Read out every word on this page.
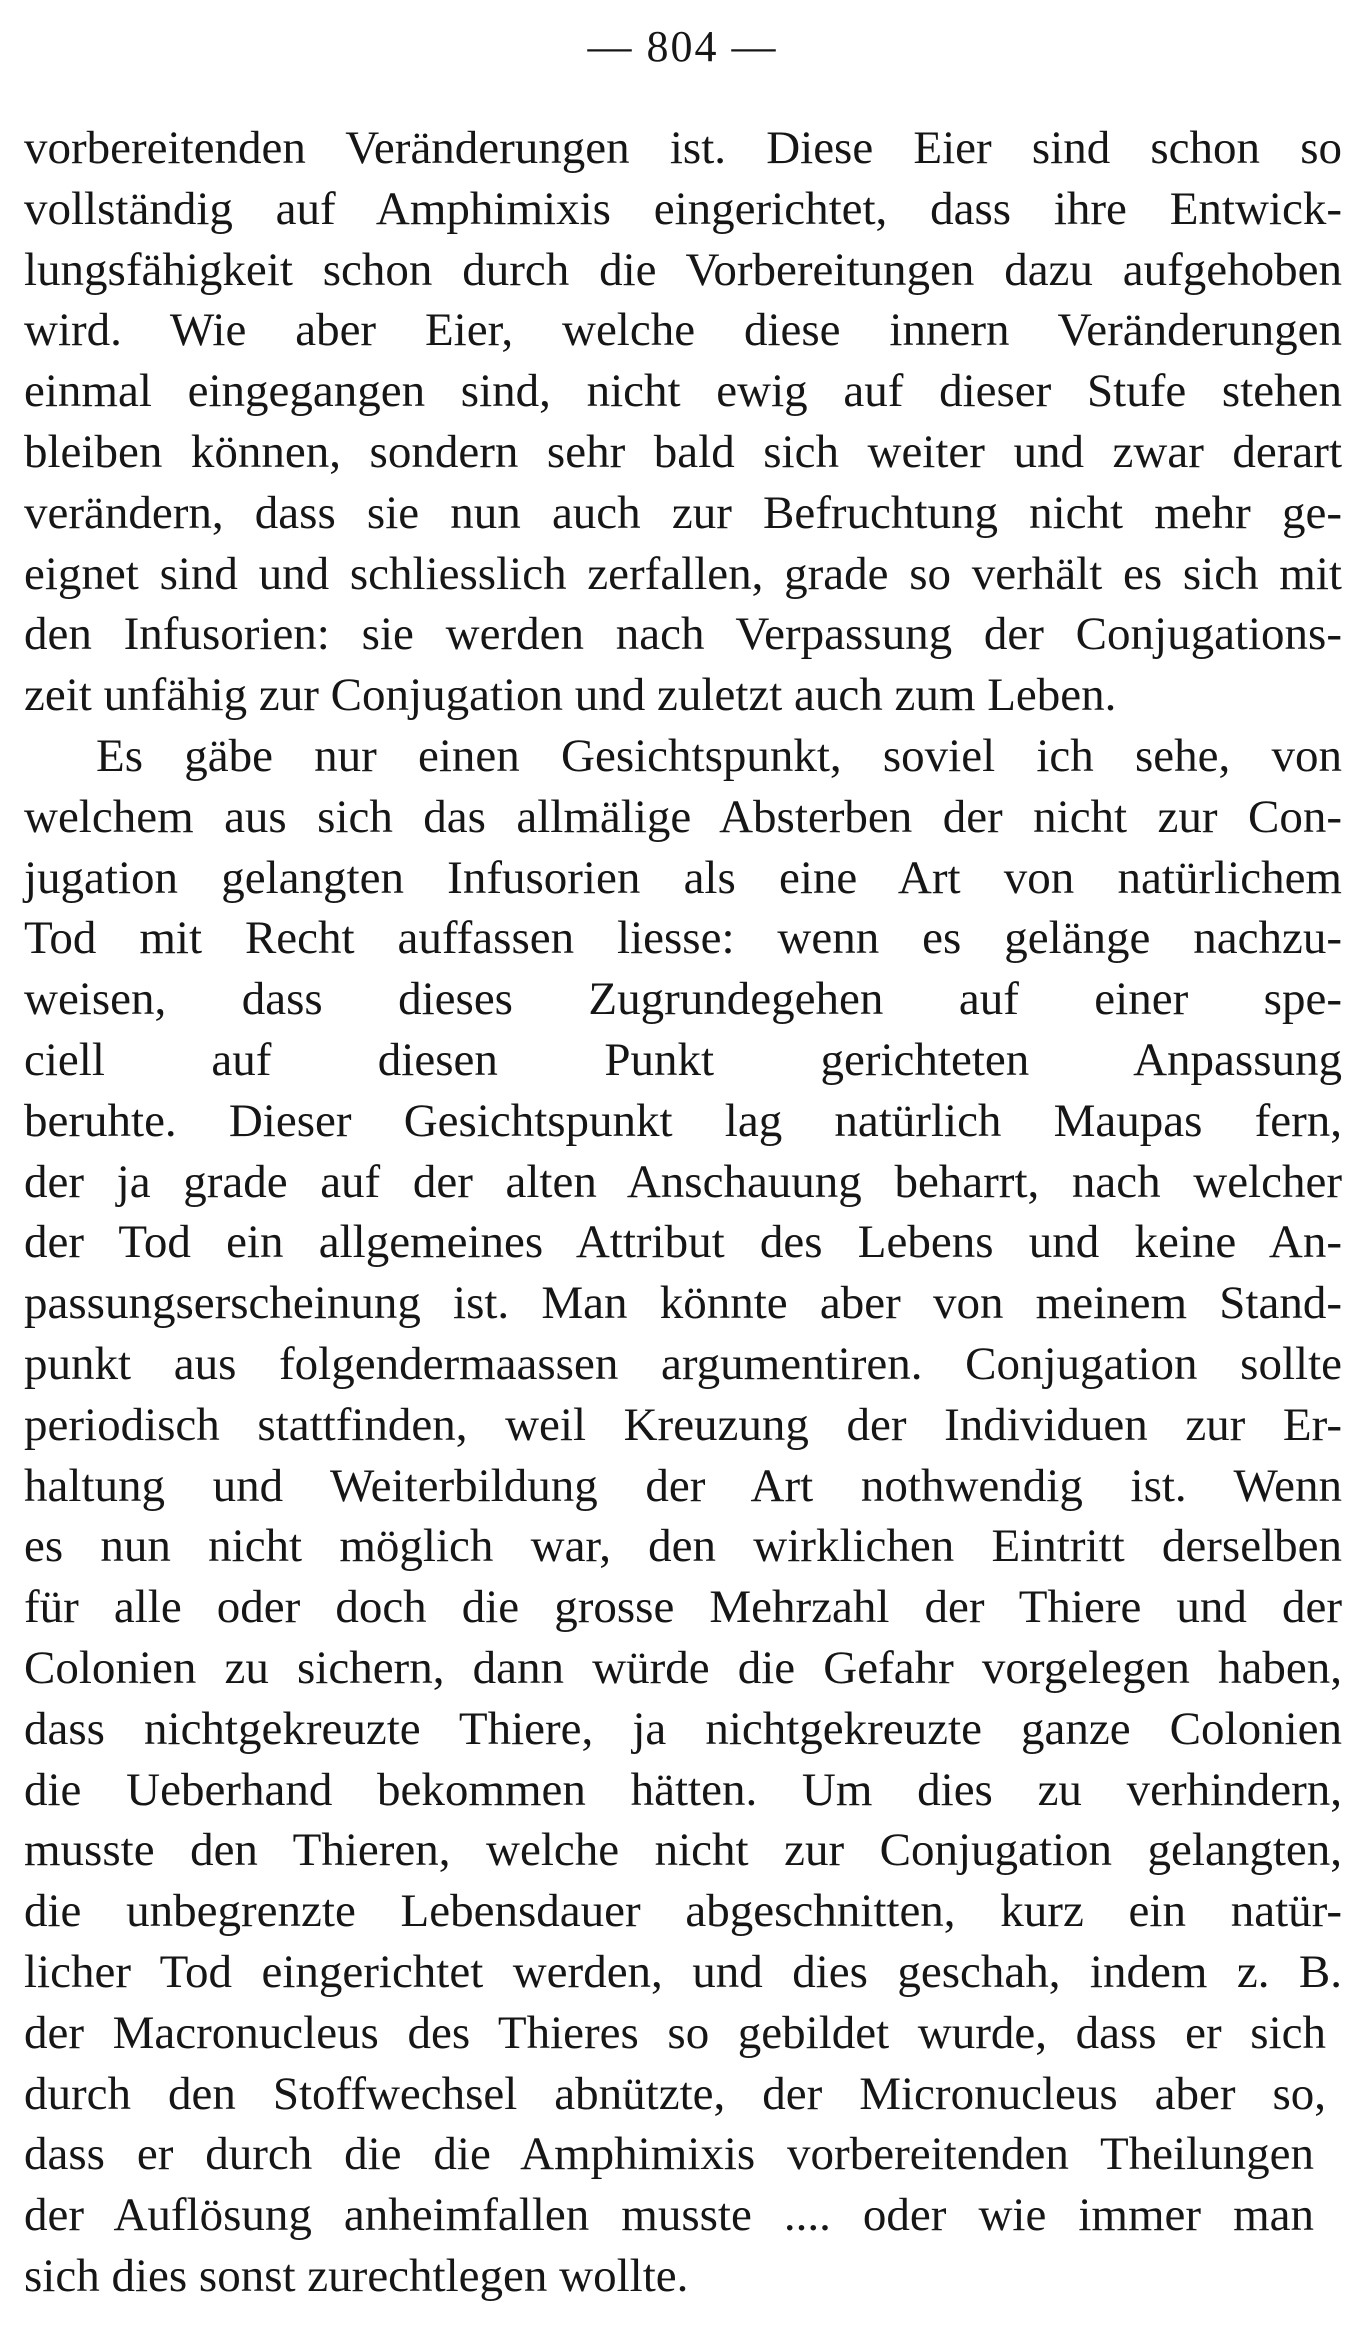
— 804 —
vorbereitenden Veränderungen ist. Diese Eier sind schon so
vollständig auf Amphimixis eingerichtet, dass ihre Entwick-
lungsfähigkeit schon durch die Vorbereitungen dazu aufgehoben
wird. Wie aber Eier, welche diese innern Veränderungen
einmal eingegangen sind, nicht ewig auf dieser Stufe stehen
bleiben können, sondern sehr bald sich weiter und zwar derart
verändern, dass sie nun auch zur Befruchtung nicht mehr ge-
eignet sind und schliesslich zerfallen, grade so verhält es sich mit
den Infusorien: sie werden nach Verpassung der Conjugations-
zeit unfähig zur Conjugation und zuletzt auch zum Leben.
Es gäbe nur einen Gesichtspunkt, soviel ich sehe, von
welchem aus sich das allmälige Absterben der nicht zur Con-
jugation gelangten Infusorien als eine Art von natürlichem
Tod mit Recht auffassen liesse: wenn es gelänge nachzu-
weisen, dass dieses Zugrundegehen auf einer spe-
ciell auf diesen Punkt gerichteten Anpassung
beruhte. Dieser Gesichtspunkt lag natürlich Maupas fern,
der ja grade auf der alten Anschauung beharrt, nach welcher
der Tod ein allgemeines Attribut des Lebens und keine An-
passungserscheinung ist. Man könnte aber von meinem Stand-
punkt aus folgendermaassen argumentiren. Conjugation sollte
periodisch stattfinden, weil Kreuzung der Individuen zur Er-
haltung und Weiterbildung der Art nothwendig ist. Wenn
es nun nicht möglich war, den wirklichen Eintritt derselben
für alle oder doch die grosse Mehrzahl der Thiere und der
Colonien zu sichern, dann würde die Gefahr vorgelegen haben,
dass nichtgekreuzte Thiere, ja nichtgekreuzte ganze Colonien
die Ueberhand bekommen hätten. Um dies zu verhindern,
musste den Thieren, welche nicht zur Conjugation gelangten,
die unbegrenzte Lebensdauer abgeschnitten, kurz ein natür-
licher Tod eingerichtet werden, und dies geschah, indem z. B.
der Macronucleus des Thieres so gebildet wurde, dass er sich
durch den Stoffwechsel abnützte, der Micronucleus aber so,
dass er durch die die Amphimixis vorbereitenden Theilungen
der Auflösung anheimfallen musste .... oder wie immer man
sich dies sonst zurechtlegen wollte.
